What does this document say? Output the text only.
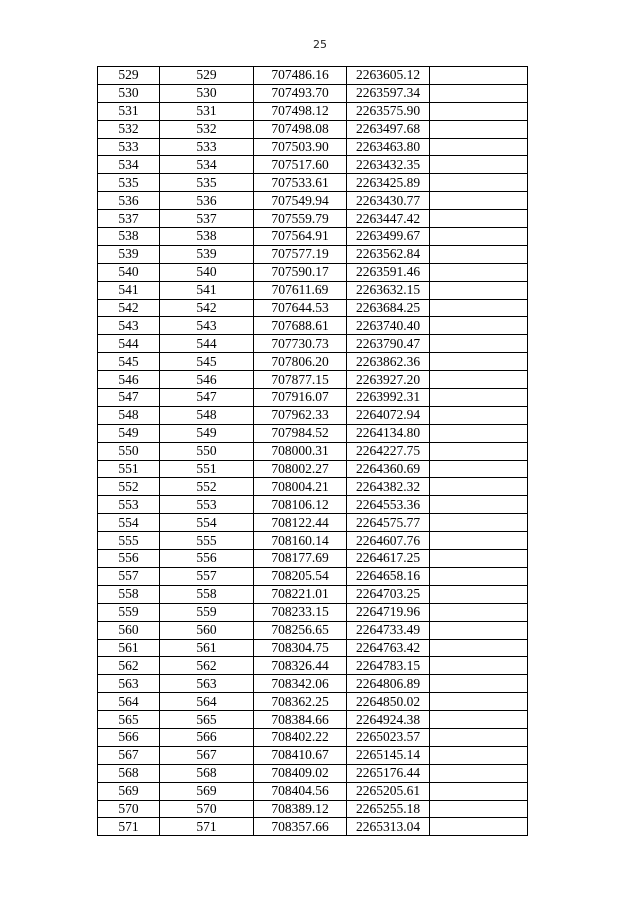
25
529	529	707486.16	2263605.12	
530	530	707493.70	2263597.34	
531	531	707498.12	2263575.90	
532	532	707498.08	2263497.68	
533	533	707503.90	2263463.80	
534	534	707517.60	2263432.35	
535	535	707533.61	2263425.89	
536	536	707549.94	2263430.77	
537	537	707559.79	2263447.42	
538	538	707564.91	2263499.67	
539	539	707577.19	2263562.84	
540	540	707590.17	2263591.46	
541	541	707611.69	2263632.15	
542	542	707644.53	2263684.25	
543	543	707688.61	2263740.40	
544	544	707730.73	2263790.47	
545	545	707806.20	2263862.36	
546	546	707877.15	2263927.20	
547	547	707916.07	2263992.31	
548	548	707962.33	2264072.94	
549	549	707984.52	2264134.80	
550	550	708000.31	2264227.75	
551	551	708002.27	2264360.69	
552	552	708004.21	2264382.32	
553	553	708106.12	2264553.36	
554	554	708122.44	2264575.77	
555	555	708160.14	2264607.76	
556	556	708177.69	2264617.25	
557	557	708205.54	2264658.16	
558	558	708221.01	2264703.25	
559	559	708233.15	2264719.96	
560	560	708256.65	2264733.49	
561	561	708304.75	2264763.42	
562	562	708326.44	2264783.15	
563	563	708342.06	2264806.89	
564	564	708362.25	2264850.02	
565	565	708384.66	2264924.38	
566	566	708402.22	2265023.57	
567	567	708410.67	2265145.14	
568	568	708409.02	2265176.44	
569	569	708404.56	2265205.61	
570	570	708389.12	2265255.18	
571	571	708357.66	2265313.04	
